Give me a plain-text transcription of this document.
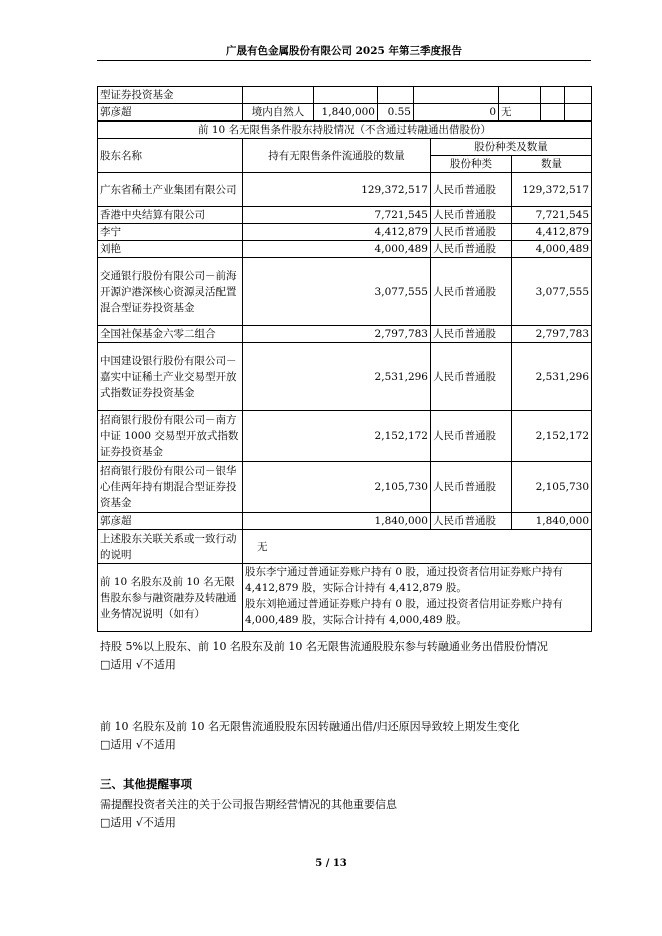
广晟有色金属股份有限公司 2025 年第三季度报告
型证券投资基金							
郭彦超	境内自然人	1,840,000	0.55	0	无		
前 10 名无限售条件股东持股情况（不含通过转融通出借股份）			
股东名称	持有无限售条件流通股的数量	股份种类及数量	
		股份种类	数量
广东省稀土产业集团有限公司	129,372,517	人民币普通股	129,372,517
香港中央结算有限公司	7,721,545	人民币普通股	7,721,545
李宁	4,412,879	人民币普通股	4,412,879
刘艳	4,000,489	人民币普通股	4,000,489
交通银行股份有限公司－前海开源沪港深核心资源灵活配置混合型证券投资基金	3,077,555	人民币普通股	3,077,555
全国社保基金六零二组合	2,797,783	人民币普通股	2,797,783
中国建设银行股份有限公司－嘉实中证稀土产业交易型开放式指数证券投资基金	2,531,296	人民币普通股	2,531,296
招商银行股份有限公司－南方中证 1000 交易型开放式指数证券投资基金	2,152,172	人民币普通股	2,152,172
招商银行股份有限公司－银华心佳两年持有期混合型证券投资基金	2,105,730	人民币普通股	2,105,730
郭彦超	1,840,000	人民币普通股	1,840,000
上述股东关联关系或一致行动的说明	无		
前 10 名股东及前 10 名无限售股东参与融资融券及转融通业务情况说明（如有）	股东李宁通过普通证券账户持有 0 股，通过投资者信用证券账户持有 4,412,879 股，实际合计持有 4,412,879 股。
股东刘艳通过普通证券账户持有 0 股，通过投资者信用证券账户持有 4,000,489 股，实际合计持有 4,000,489 股。		
持股 5%以上股东、前 10 名股东及前 10 名无限售流通股股东参与转融通业务出借股份情况
□适用 √不适用
前 10 名股东及前 10 名无限售流通股股东因转融通出借/归还原因导致较上期发生变化
□适用 √不适用
三、其他提醒事项
需提醒投资者关注的关于公司报告期经营情况的其他重要信息
□适用 √不适用
5 / 13
